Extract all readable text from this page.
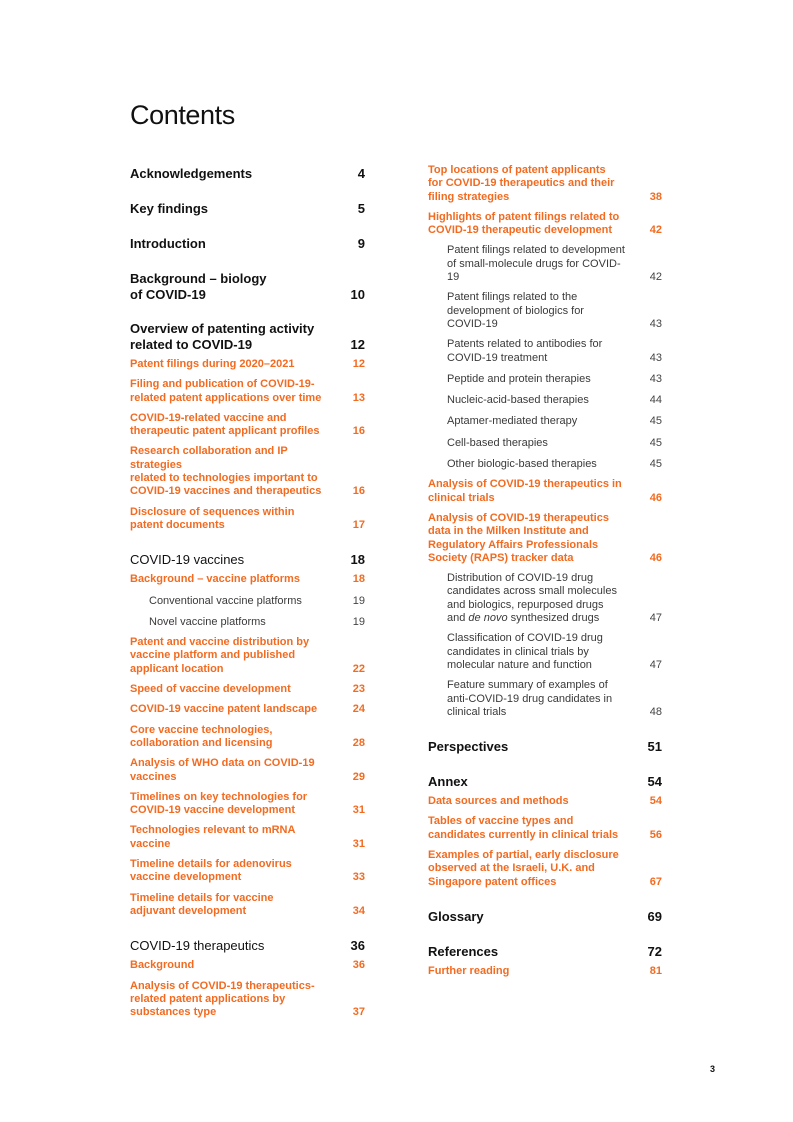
Contents
Acknowledgements	4
Key findings	5
Introduction	9
Background – biology
of COVID-19	10
Overview of patenting activity
related to COVID-19	12
Patent filings during 2020–2021	12
Filing and publication of COVID-19-
related patent applications over time	13
COVID-19-related vaccine and
therapeutic patent applicant profiles	16
Research collaboration and IP strategies
related to technologies important to
COVID-19 vaccines and therapeutics	16
Disclosure of sequences within
patent documents	17
COVID-19 vaccines	18
Background – vaccine platforms	18
Conventional vaccine platforms	19
Novel vaccine platforms	19
Patent and vaccine distribution by
vaccine platform and published
applicant location	22
Speed of vaccine development	23
COVID-19 vaccine patent landscape	24
Core vaccine technologies,
collaboration and licensing	28
Analysis of WHO data on COVID-19
vaccines	29
Timelines on key technologies for
COVID-19 vaccine development	31
Technologies relevant to mRNA
vaccine	31
Timeline details for adenovirus
vaccine development	33
Timeline details for vaccine
adjuvant development	34
COVID-19 therapeutics	36
Background	36
Analysis of COVID-19 therapeutics-
related patent applications by
substances type	37
Top locations of patent applicants
for COVID-19 therapeutics and their
filing strategies	38
Highlights of patent filings related to
COVID-19 therapeutic development	42
Patent filings related to development
of small-molecule drugs for COVID-19	42
Patent filings related to the
development of biologics for
COVID-19	43
Patents related to antibodies for
COVID-19 treatment	43
Peptide and protein therapies	43
Nucleic-acid-based therapies	44
Aptamer-mediated therapy	45
Cell-based therapies	45
Other biologic-based therapies	45
Analysis of COVID-19 therapeutics in
clinical trials	46
Analysis of COVID-19 therapeutics
data in the Milken Institute and
Regulatory Affairs Professionals
Society (RAPS) tracker data	46
Distribution of COVID-19 drug
candidates across small molecules
and biologics, repurposed drugs
and de novo synthesized drugs	47
Classification of COVID-19 drug
candidates in clinical trials by
molecular nature and function	47
Feature summary of examples of
anti-COVID-19 drug candidates in
clinical trials	48
Perspectives	51
Annex	54
Data sources and methods	54
Tables of vaccine types and
candidates currently in clinical trials	56
Examples of partial, early disclosure
observed at the Israeli, U.K. and
Singapore patent offices	67
Glossary	69
References	72
Further reading	81
3
